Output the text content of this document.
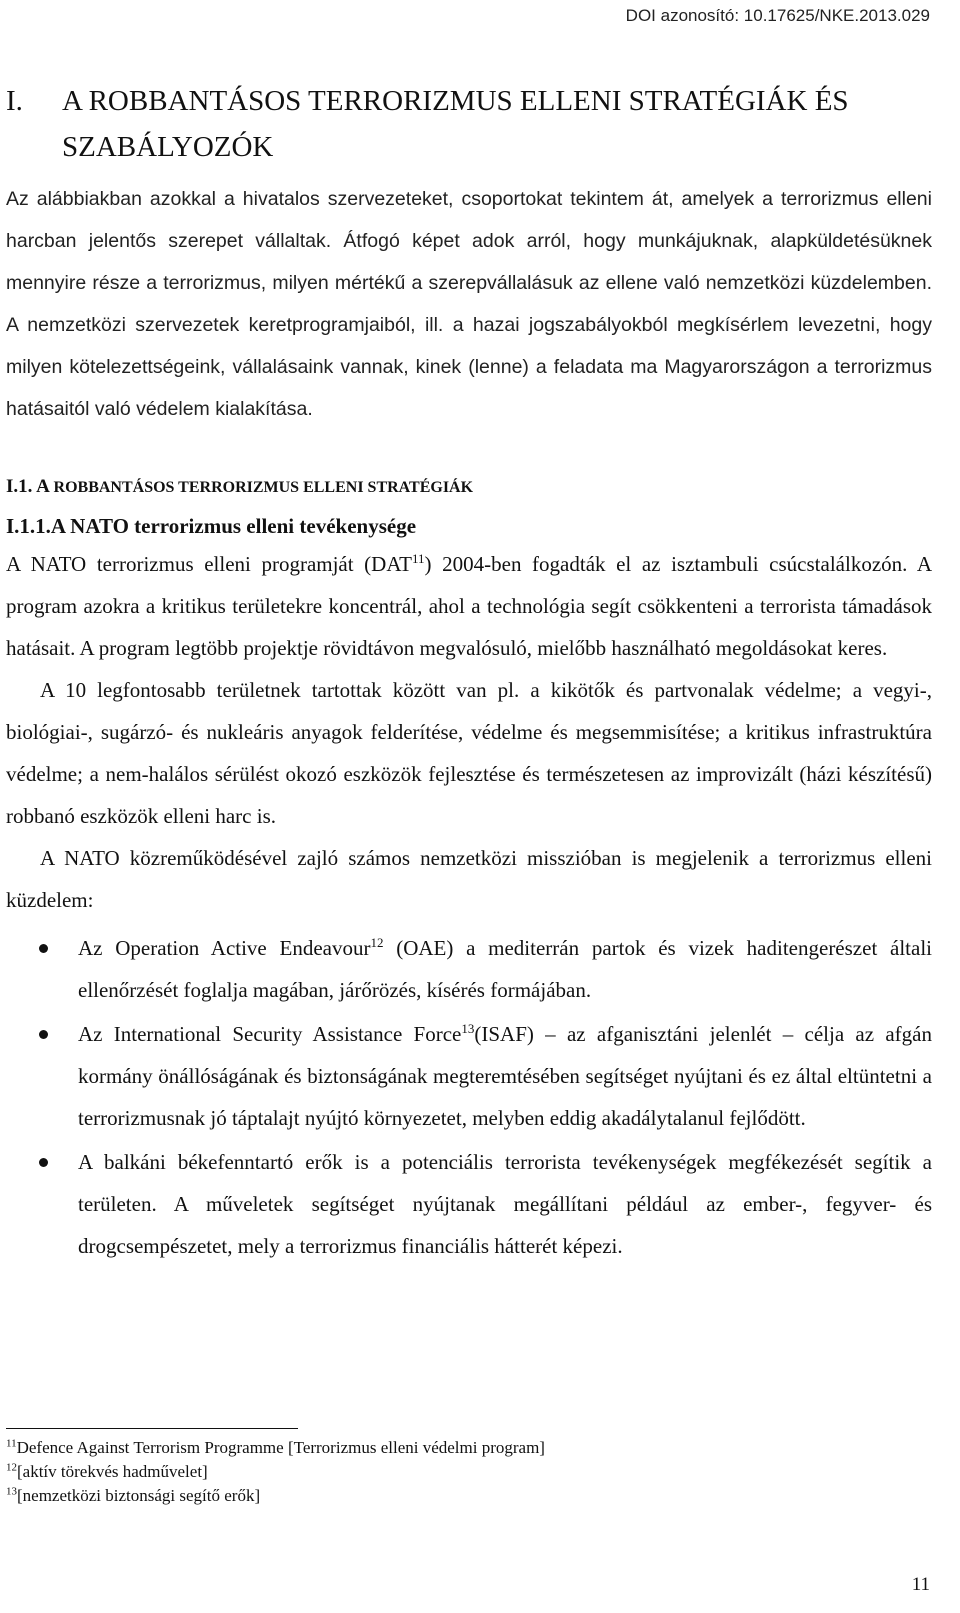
DOI azonosító: 10.17625/NKE.2013.029
I.	A ROBBANTÁSOS TERRORIZMUS ELLENI STRATÉGIÁK ÉS SZABÁLYOZÓK

Az alábbiakban azokkal a hivatalos szervezeteket, csoportokat tekintem át, amelyek a terrorizmus elleni harcban jelentős szerepet vállaltak. Átfogó képet adok arról, hogy munkájuknak, alapküldetésüknek mennyire része a terrorizmus, milyen mértékű a szerepvállalásuk az ellene való nemzetközi küzdelemben. A nemzetközi szervezetek keretprogramjaiból, ill. a hazai jogszabályokból megkísérlem levezetni, hogy milyen kötelezettségeink, vállalásaink vannak, kinek (lenne) a feladata ma Magyarországon a terrorizmus hatásaitól való védelem kialakítása.

I.1. A ROBBANTÁSOS TERRORIZMUS ELLENI STRATÉGIÁK
I.1.1.A NATO terrorizmus elleni tevékenysége

A NATO terrorizmus elleni programját (DAT$^{11}$) 2004-ben fogadták el az isztambuli csúcstalálkozón. A program azokra a kritikus területekre koncentrál, ahol a technológia segít csökkenteni a terrorista támadások hatásait. A program legtöbb projektje rövidtávon megvalósuló, mielőbb használható megoldásokat keres.

A 10 legfontosabb területnek tartottak között van pl. a kikötők és partvonalak védelme; a vegyi-, biológiai-, sugárzó- és nukleáris anyagok felderítése, védelme és megsemmisítése; a kritikus infrastruktúra védelme; a nem-halálos sérülést okozó eszközök fejlesztése és természetesen az improvizált (házi készítésű) robbanó eszközök elleni harc is.

A NATO közreműködésével zajló számos nemzetközi misszióban is megjelenik a terrorizmus elleni küzdelem:

Az Operation Active Endeavour$^{12}$ (OAE) a mediterrán partok és vizek haditengerészet általi ellenőrzését foglalja magában, járőrözés, kísérés formájában.
Az International Security Assistance Force$^{13}$(ISAF) – az afganisztáni jelenlét – célja az afgán kormány önállóságának és biztonságának megteremtésében segítséget nyújtani és ez által eltüntetni a terrorizmusnak jó táptalajt nyújtó környezetet, melyben eddig akadálytalanul fejlődött.
A balkáni békefenntartó erők is a potenciális terrorista tevékenységek megfékezését segítik a területen. A műveletek segítséget nyújtanak megállítani például az ember-, fegyver- és drogcsempészetet, mely a terrorizmus financiális hátterét képezi.
$^{11}$Defence Against Terrorism Programme [Terrorizmus elleni védelmi program]
$^{12}$[aktív törekvés hadművelet]
$^{13}$[nemzetközi biztonsági segítő erők]
11
